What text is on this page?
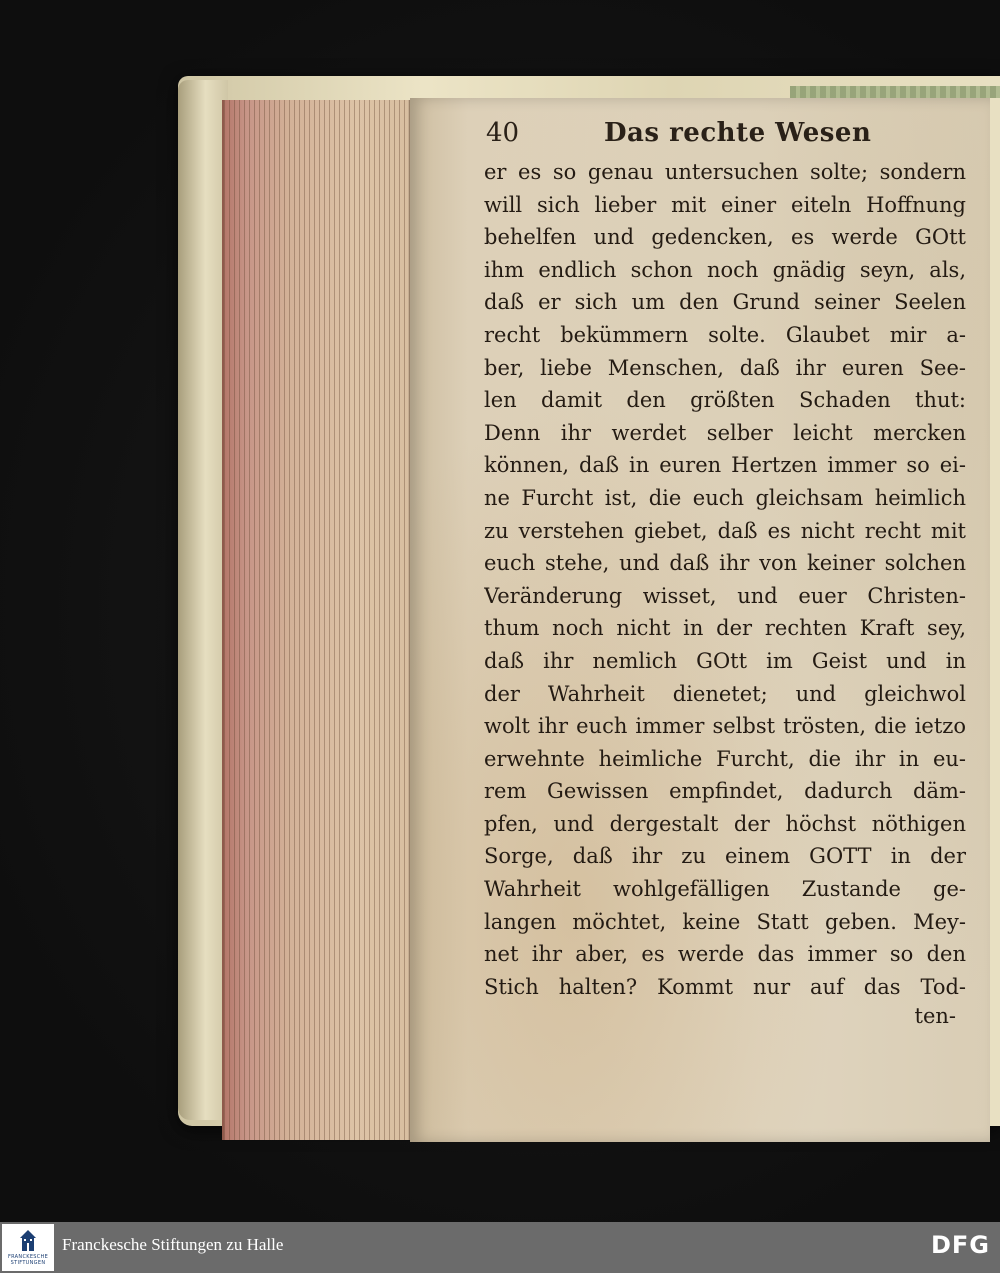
40	Das rechte Wesen
er es so genau untersuchen solte; sondern
will sich lieber mit einer eiteln Hoffnung
behelfen und gedencken, es werde GOtt
ihm endlich schon noch gnädig seyn, als,
daß er sich um den Grund seiner Seelen
recht bekümmern solte. Glaubet mir a-
ber, liebe Menschen, daß ihr euren See-
len damit den größten Schaden thut:
Denn ihr werdet selber leicht mercken
können, daß in euren Hertzen immer so ei-
ne Furcht ist, die euch gleichsam heimlich
zu verstehen giebet, daß es nicht recht mit
euch stehe, und daß ihr von keiner solchen
Veränderung wisset, und euer Christen-
thum noch nicht in der rechten Kraft sey,
daß ihr nemlich GOtt im Geist und in
der Wahrheit dienetet; und gleichwol
wolt ihr euch immer selbst trösten, die ietzo
erwehnte heimliche Furcht, die ihr in eu-
rem Gewissen empfindet, dadurch däm-
pfen, und dergestalt der höchst nöthigen
Sorge, daß ihr zu einem GOTT in der
Wahrheit wohlgefälligen Zustande ge-
langen möchtet, keine Statt geben. Mey-
net ihr aber, es werde das immer so den
Stich halten? Kommt nur auf das Tod-
ten-
FRANCKESCHE
STIFTUNGEN
Franckesche Stiftungen zu Halle	DFG
